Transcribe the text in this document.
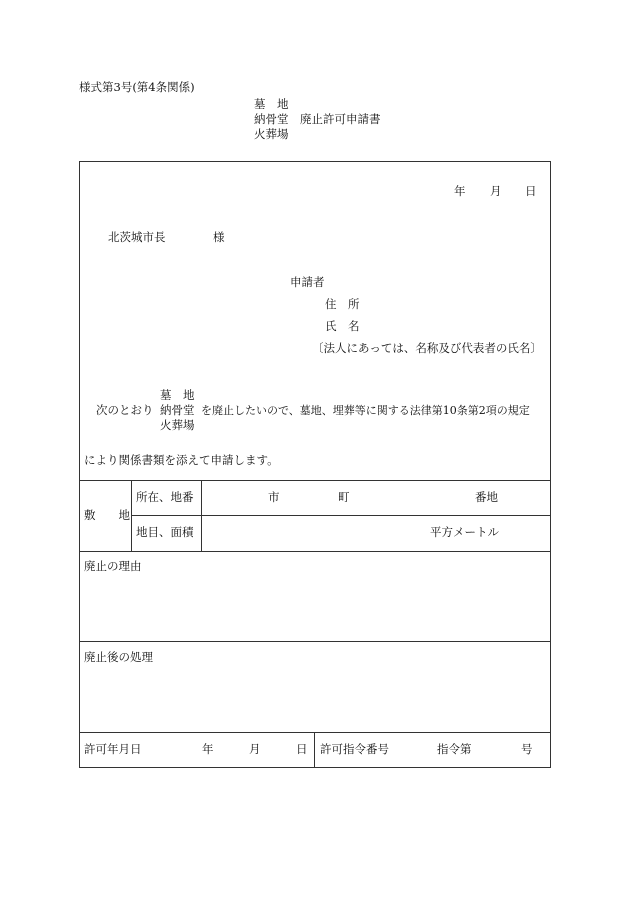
様式第3号(第4条関係)
墓　地
納骨堂　廃止許可申請書
火葬場
年 月 日
北茨城市長	様
申請者
住　所
氏　名
〔法人にあっては、名称及び代表者の氏名〕
墓　地
次のとおり 納骨堂 を廃止したいので、墓地、埋葬等に関する法律第10条第2項の規定
火葬場
により関係書類を添えて申請します。
敷　　地
所在、地番	市	町	番地
地目、面積	平方メートル
廃止の理由
廃止後の処理
許可年月日	年	月	日 許可指令番号	指令第	号
